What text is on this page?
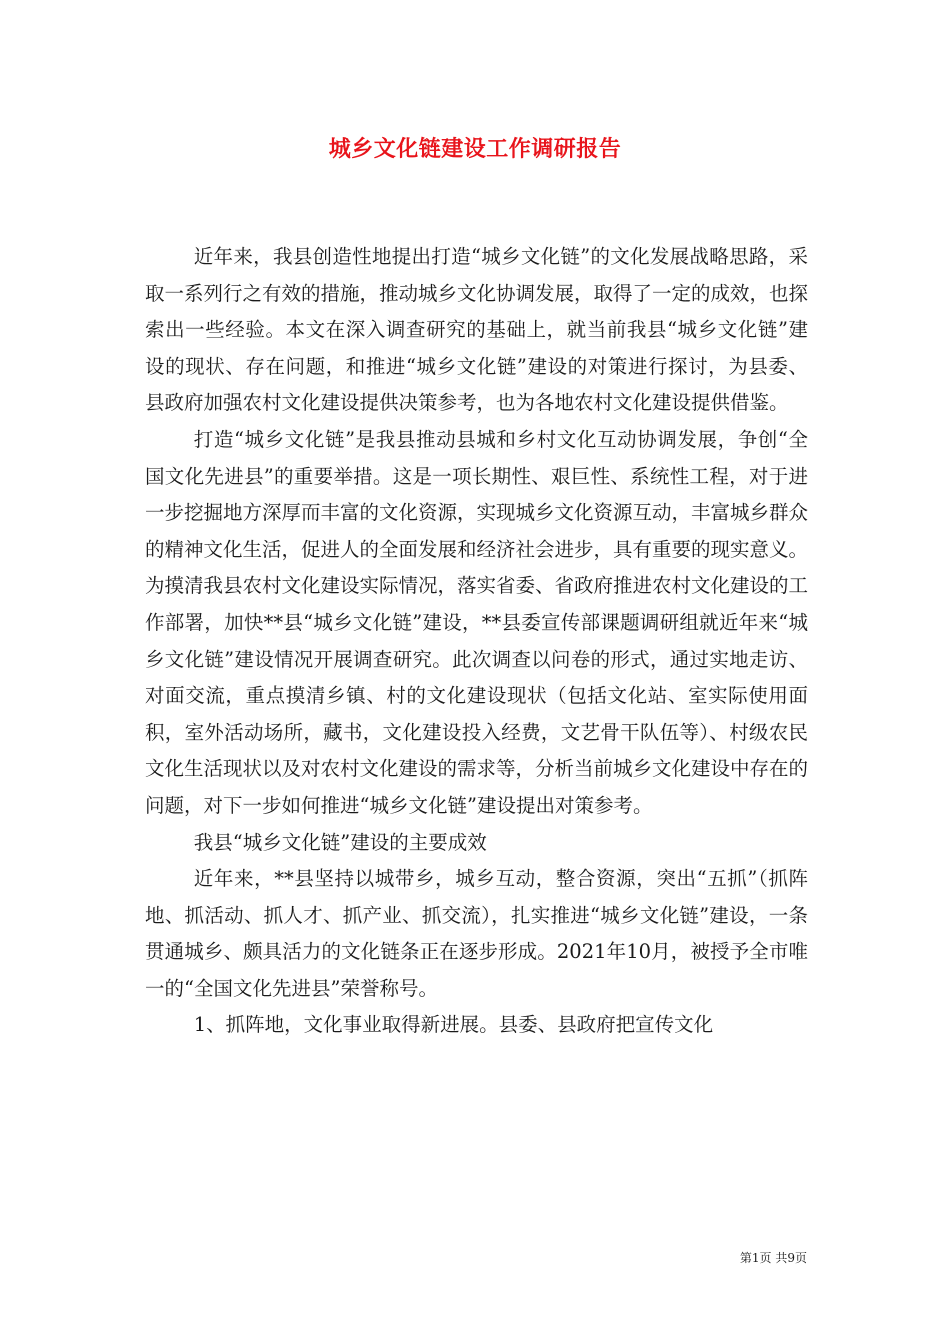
城乡文化链建设工作调研报告

近年来，我县创造性地提出打造“城乡文化链”的文化发展战略思路，采取一系列行之有效的措施，推动城乡文化协调发展，取得了一定的成效，也探索出一些经验。本文在深入调查研究的基础上，就当前我县“城乡文化链”建设的现状、存在问题，和推进“城乡文化链”建设的对策进行探讨，为县委、县政府加强农村文化建设提供决策参考，也为各地农村文化建设提供借鉴。

打造“城乡文化链”是我县推动县城和乡村文化互动协调发展，争创“全国文化先进县”的重要举措。这是一项长期性、艰巨性、系统性工程，对于进一步挖掘地方深厚而丰富的文化资源，实现城乡文化资源互动，丰富城乡群众的精神文化生活，促进人的全面发展和经济社会进步，具有重要的现实意义。为摸清我县农村文化建设实际情况，落实省委、省政府推进农村文化建设的工作部署，加快**县“城乡文化链”建设，**县委宣传部课题调研组就近年来“城乡文化链”建设情况开展调查研究。此次调查以问卷的形式，通过实地走访、对面交流，重点摸清乡镇、村的文化建设现状（包括文化站、室实际使用面积，室外活动场所，藏书，文化建设投入经费，文艺骨干队伍等）、村级农民文化生活现状以及对农村文化建设的需求等，分析当前城乡文化建设中存在的问题，对下一步如何推进“城乡文化链”建设提出对策参考。

我县“城乡文化链”建设的主要成效

近年来，**县坚持以城带乡，城乡互动，整合资源，突出“五抓”（抓阵地、抓活动、抓人才、抓产业、抓交流），扎实推进“城乡文化链”建设，一条贯通城乡、颇具活力的文化链条正在逐步形成。2021年10月，被授予全市唯一的“全国文化先进县”荣誉称号。

1、抓阵地，文化事业取得新进展。县委、县政府把宣传文化

第1页 共9页
